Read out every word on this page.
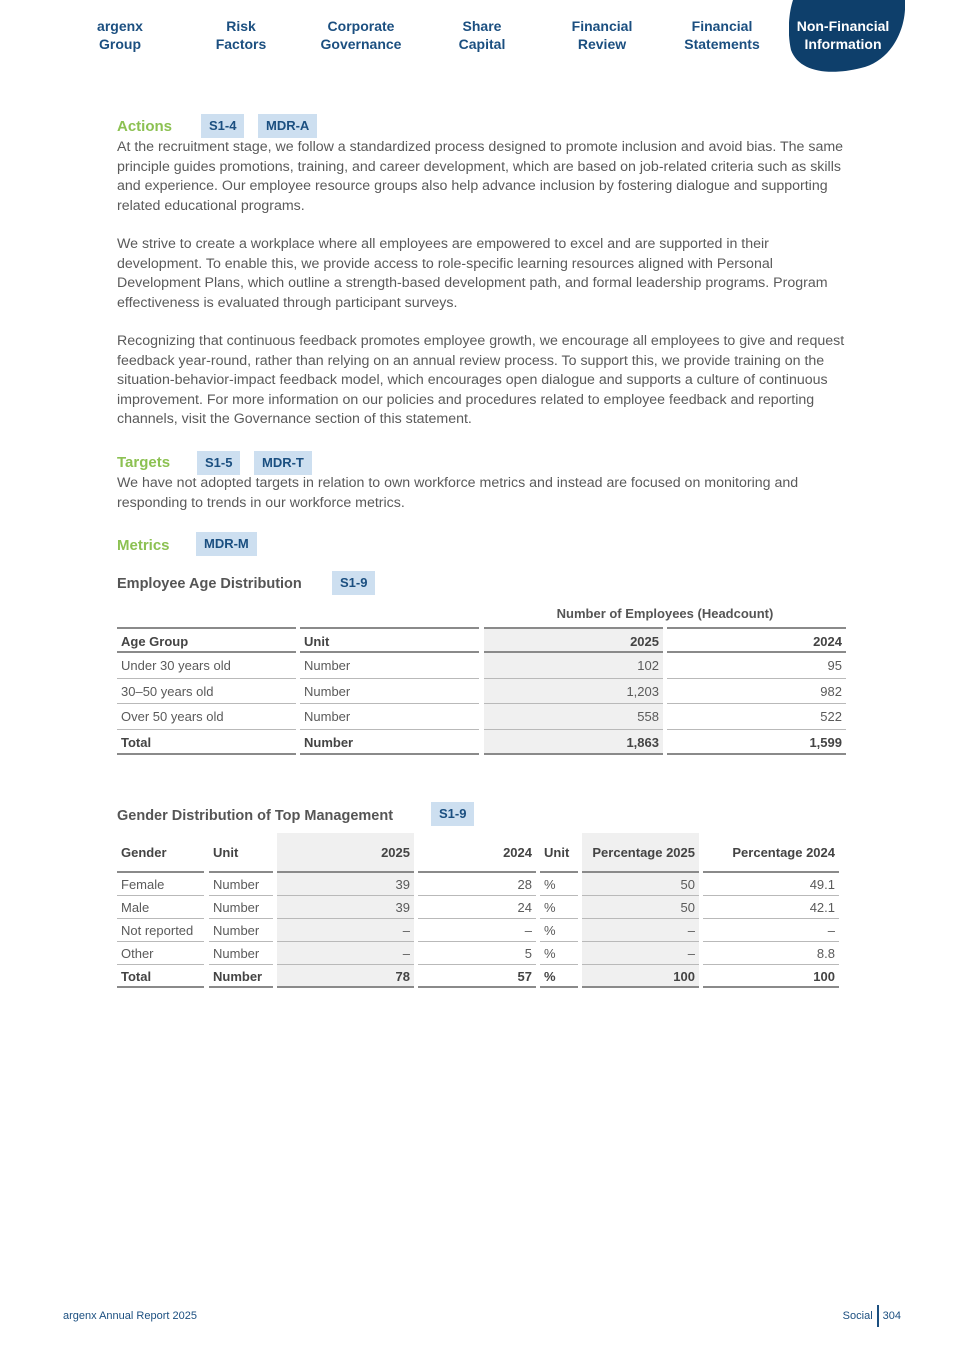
argenx
Group
Risk
Factors
Corporate
Governance
Share
Capital
Financial
Review
Financial
Statements
Non-Financial
Information
Actions	S1-4	MDR-A

At the recruitment stage, we follow a standardized process designed to promote inclusion and avoid bias. The same principle guides promotions, training, and career development, which are based on job-related criteria such as skills and experience. Our employee resource groups also help advance inclusion by fostering dialogue and supporting related educational programs.

We strive to create a workplace where all employees are empowered to excel and are supported in their development. To enable this, we provide access to role-specific learning resources aligned with Personal Development Plans, which outline a strength-based development path, and formal leadership programs. Program effectiveness is evaluated through participant surveys.

Recognizing that continuous feedback promotes employee growth, we encourage all employees to give and request feedback year-round, rather than relying on an annual review process. To support this, we provide training on the situation-behavior-impact feedback model, which encourages open dialogue and supports a culture of continuous improvement. For more information on our policies and procedures related to employee feedback and reporting channels, visit the Governance section of this statement.

Targets	S1-5	MDR-T

We have not adopted targets in relation to own workforce metrics and instead are focused on monitoring and responding to trends in our workforce metrics.

Metrics	MDR-M
Employee Age Distribution	S1-9
Number of Employees (Headcount)
Age Group	Unit	2025	2024
Under 30 years old	Number	102	95
30–50 years old	Number	1,203	982
Over 50 years old	Number	558	522
Total	Number	1,863	1,599
Gender Distribution of Top Management	S1-9
Gender	Unit	2025	2024 Unit	Percentage 2025	Percentage 2024
Female	Number	39	28 %	50	49.1
Male	Number	39	24 %	50	42.1
Not reported	Number	–	– %	–	–
Other	Number	–	5 %	–	8.8
Total	Number	78	57 %	100	100
argenx Annual Report 2025	Social 304
